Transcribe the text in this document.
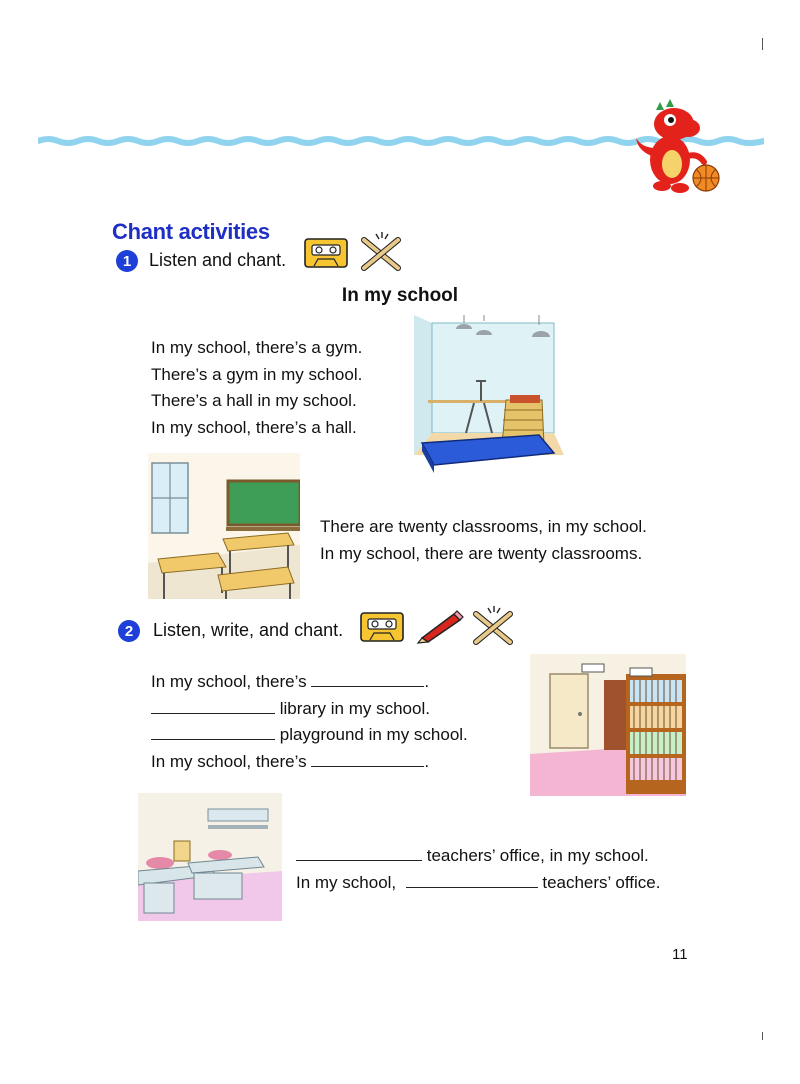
Chant activities
1 Listen and chant.
In my school
In my school, there’s a gym.
There’s a gym in my school.
There’s a hall in my school.
In my school, there’s a hall.
There are twenty classrooms, in my school.
In my school, there are twenty classrooms.
2	Listen, write, and chant.
In my school, there’s	.
library in my school.
playground in my school.
In my school, there’s	.
teachers’ office, in my school.
In my school,	teachers’ office.
11
